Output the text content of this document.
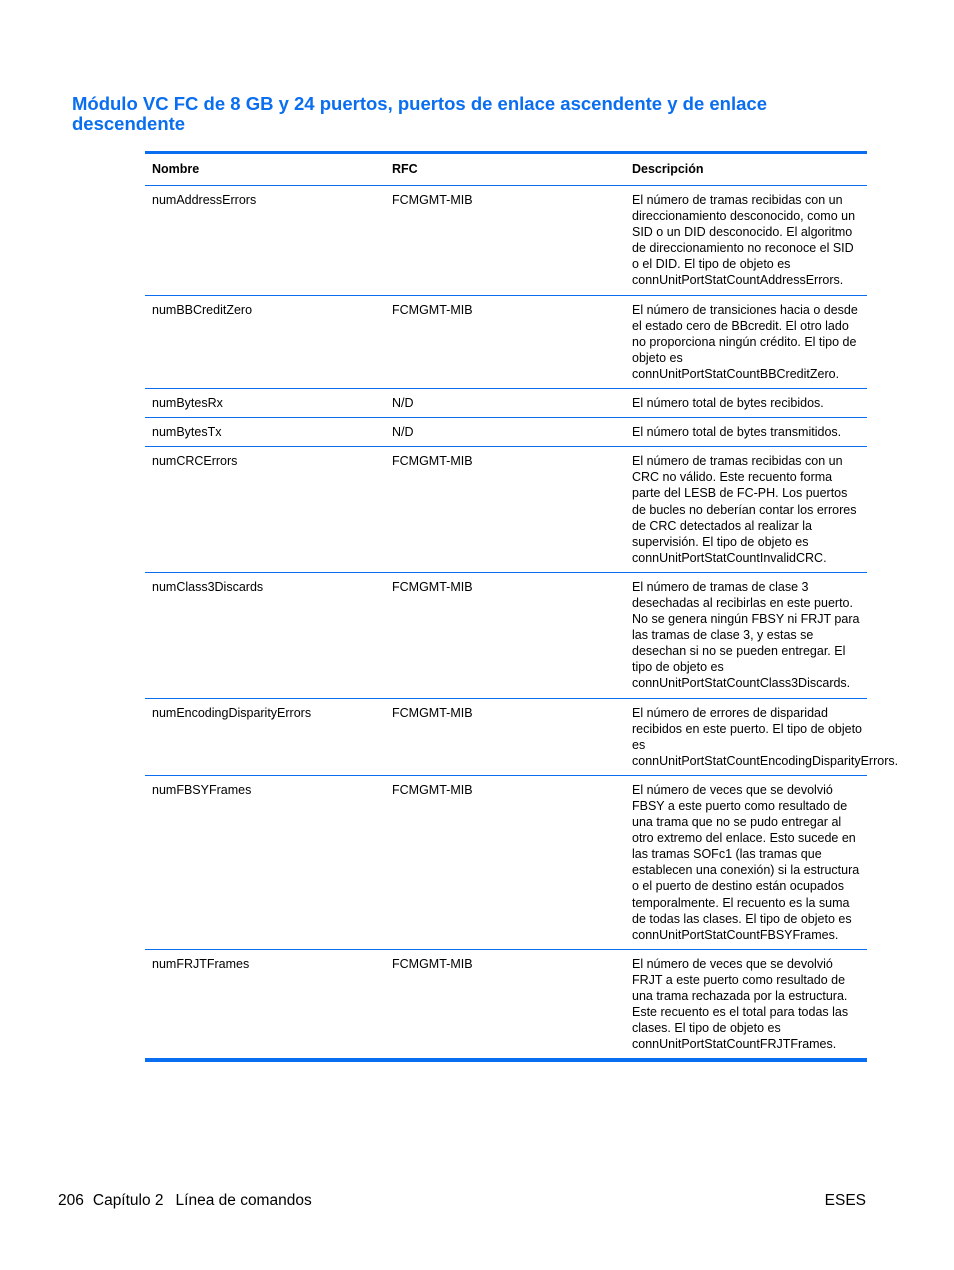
Módulo VC FC de 8 GB y 24 puertos, puertos de enlace ascendente y de enlace descendente
Nombre	RFC	Descripción
numAddressErrors	FCMGMT-MIB	El número de tramas recibidas con un direccionamiento desconocido, como un SID o un DID desconocido. El algoritmo de direccionamiento no reconoce el SID o el DID. El tipo de objeto es connUnitPortStatCountAddressErrors.
numBBCreditZero	FCMGMT-MIB	El número de transiciones hacia o desde el estado cero de BBcredit. El otro lado no proporciona ningún crédito. El tipo de objeto es connUnitPortStatCountBBCreditZero.
numBytesRx	N/D	El número total de bytes recibidos.
numBytesTx	N/D	El número total de bytes transmitidos.
numCRCErrors	FCMGMT-MIB	El número de tramas recibidas con un CRC no válido. Este recuento forma parte del LESB de FC-PH. Los puertos de bucles no deberían contar los errores de CRC detectados al realizar la supervisión. El tipo de objeto es connUnitPortStatCountInvalidCRC.
numClass3Discards	FCMGMT-MIB	El número de tramas de clase 3 desechadas al recibirlas en este puerto. No se genera ningún FBSY ni FRJT para las tramas de clase 3, y estas se desechan si no se pueden entregar. El tipo de objeto es connUnitPortStatCountClass3Discards.
numEncodingDisparityErrors	FCMGMT-MIB	El número de errores de disparidad recibidos en este puerto. El tipo de objeto es connUnitPortStatCountEncodingDisparityErrors.
numFBSYFrames	FCMGMT-MIB	El número de veces que se devolvió FBSY a este puerto como resultado de una trama que no se pudo entregar al otro extremo del enlace. Esto sucede en las tramas SOFc1 (las tramas que establecen una conexión) si la estructura o el puerto de destino están ocupados temporalmente. El recuento es la suma de todas las clases. El tipo de objeto es connUnitPortStatCountFBSYFrames.
numFRJTFrames	FCMGMT-MIB	El número de veces que se devolvió FRJT a este puerto como resultado de una trama rechazada por la estructura. Este recuento es el total para todas las clases. El tipo de objeto es connUnitPortStatCountFRJTFrames.
206 Capítulo 2 Línea de comandos	ESES
